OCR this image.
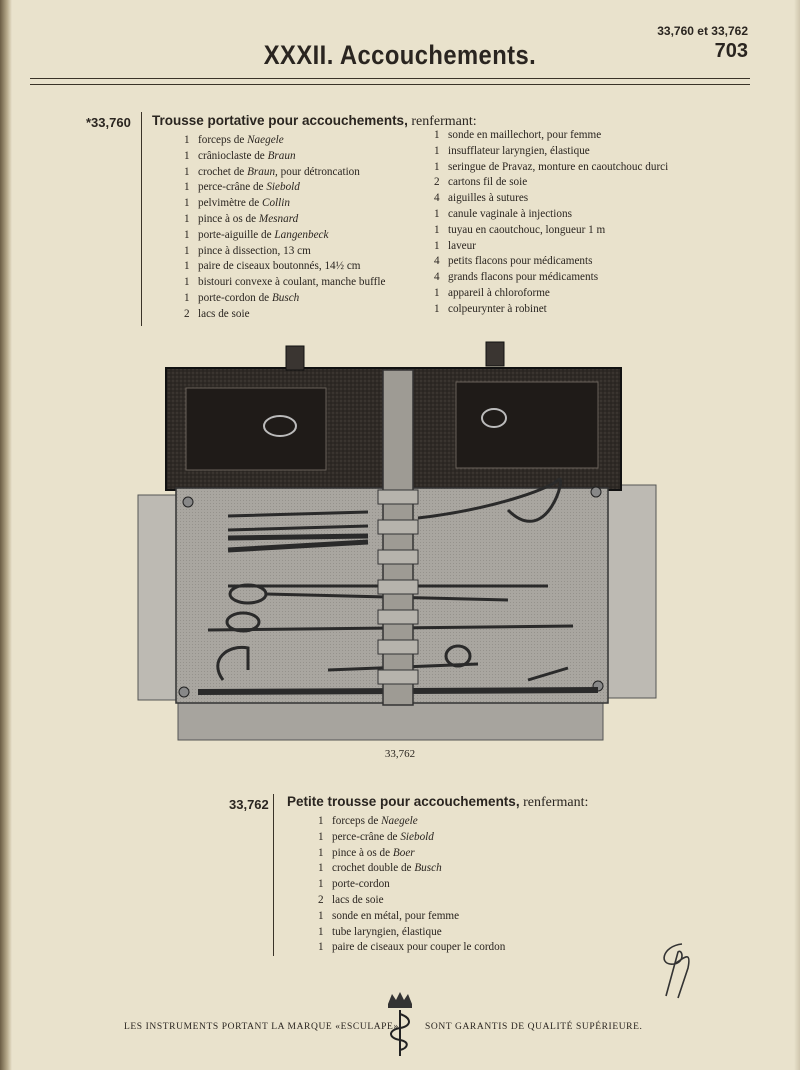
33,760 et 33,762
703
XXXII. Accouchements.
*33,760 Trousse portative pour accouchements, renfermant:
1 forceps de Naegele
1 crânioclaste de Braun
1 crochet de Braun, pour détroncation
1 perce-crâne de Siebold
1 pelvimètre de Collin
1 pince à os de Mesnard
1 porte-aiguille de Langenbeck
1 pince à dissection, 13 cm
1 paire de ciseaux boutonnés, 14½ cm
1 bistouri convexe à coulant, manche buffle
1 porte-cordon de Busch
2 lacs de soie
1 sonde en maillechort, pour femme
1 insufflateur laryngien, élastique
1 seringue de Pravaz, monture en caoutchouc durci
2 cartons fil de soie
4 aiguilles à sutures
1 canule vaginale à injections
1 tuyau en caoutchouc, longueur 1 m
1 laveur
4 petits flacons pour médicaments
4 grands flacons pour médicaments
1 appareil à chloroforme
1 colpeurynter à robinet
33,762
33,762 Petite trousse pour accouchements, renfermant:
1 forceps de Naegele
1 perce-crâne de Siebold
1 pince à os de Boer
1 crochet double de Busch
1 porte-cordon
2 lacs de soie
1 sonde en métal, pour femme
1 tube laryngien, élastique
1 paire de ciseaux pour couper le cordon
LES INSTRUMENTS PORTANT LA MARQUE «ESCULAPE»	SONT GARANTIS DE QUALITÉ SUPÉRIEURE.
